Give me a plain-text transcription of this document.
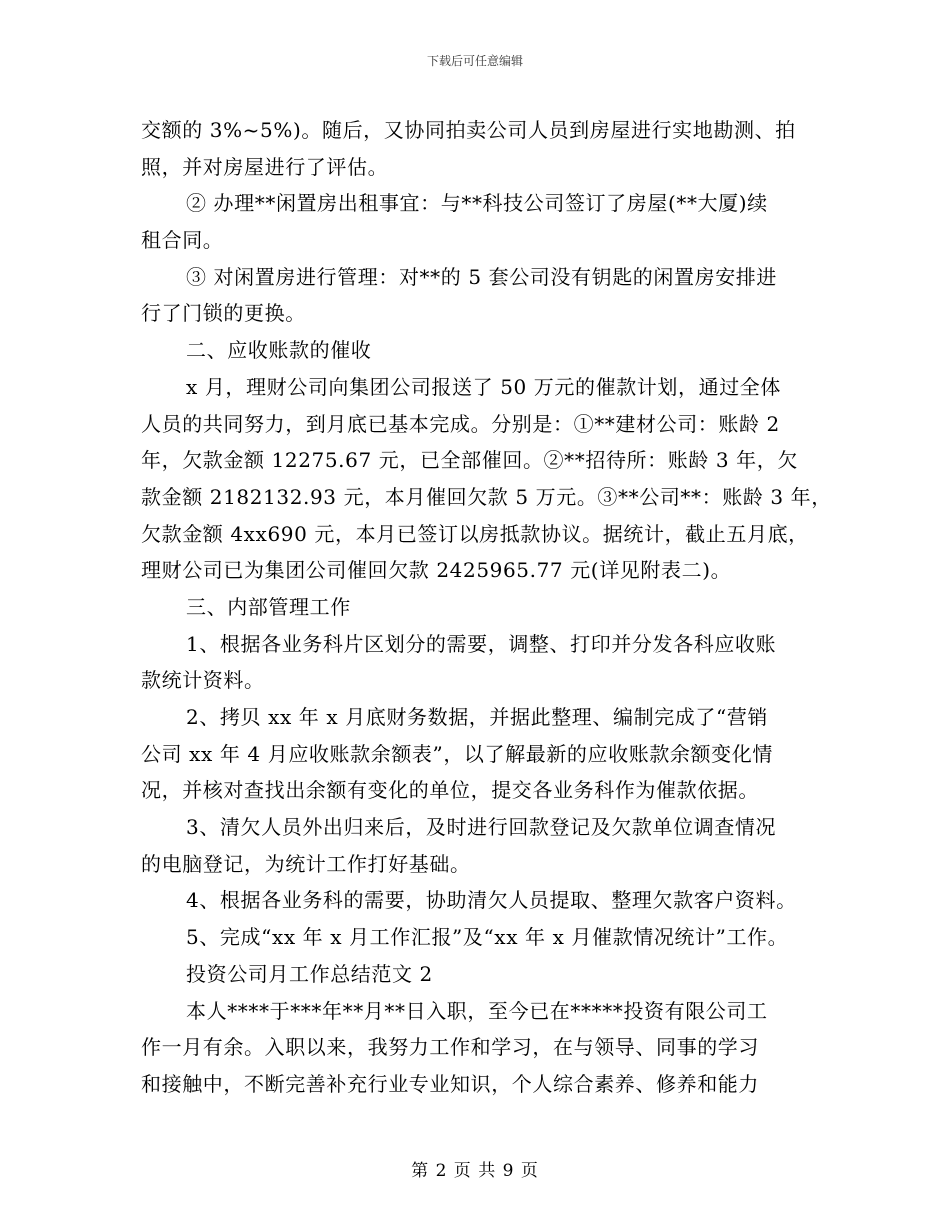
下载后可任意编辑
交额的 3%~5%)。随后，又协同拍卖公司人员到房屋进行实地勘测、拍
照，并对房屋进行了评估。
② 办理**闲置房出租事宜：与**科技公司签订了房屋(**大厦)续
租合同。
③ 对闲置房进行管理：对**的 5 套公司没有钥匙的闲置房安排进
行了门锁的更换。
二、应收账款的催收
x 月，理财公司向集团公司报送了 50 万元的催款计划，通过全体
人员的共同努力，到月底已基本完成。分别是：①**建材公司：账龄 2
年，欠款金额 12275.67 元，已全部催回。②**招待所：账龄 3 年，欠
款金额 2182132.93 元，本月催回欠款 5 万元。③**公司**：账龄 3 年，
欠款金额 4xx690 元，本月已签订以房抵款协议。据统计，截止五月底，
理财公司已为集团公司催回欠款 2425965.77 元(详见附表二)。
三、内部管理工作
1、根据各业务科片区划分的需要，调整、打印并分发各科应收账
款统计资料。
2、拷贝 xx 年 x 月底财务数据，并据此整理、编制完成了“营销
公司 xx 年 4 月应收账款余额表”，以了解最新的应收账款余额变化情
况，并核对查找出余额有变化的单位，提交各业务科作为催款依据。
3、清欠人员外出归来后，及时进行回款登记及欠款单位调查情况
的电脑登记，为统计工作打好基础。
4、根据各业务科的需要，协助清欠人员提取、整理欠款客户资料。
5、完成“xx 年 x 月工作汇报”及“xx 年 x 月催款情况统计”工作。
投资公司月工作总结范文 2
本人****于***年**月**日入职，至今已在*****投资有限公司工
作一月有余。入职以来，我努力工作和学习，在与领导、同事的学习
和接触中，不断完善补充行业专业知识，个人综合素养、修养和能力
第 2 页 共 9 页
